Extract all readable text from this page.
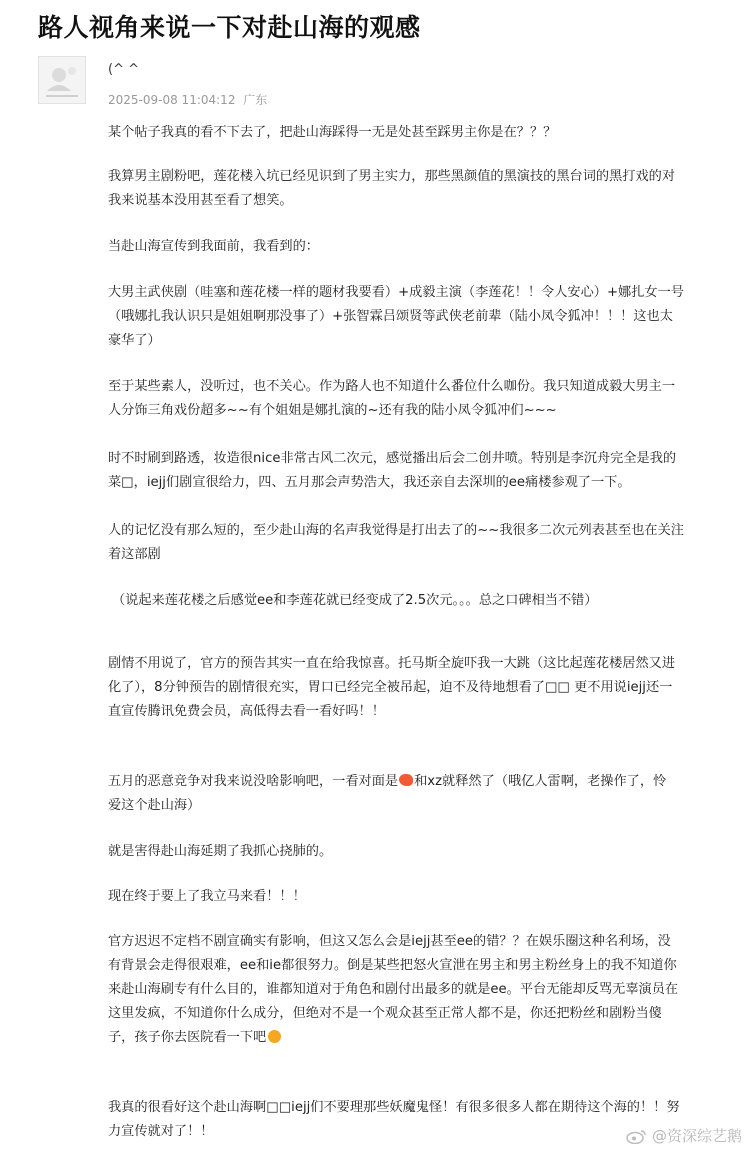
路人视角来说一下对赴山海的观感
(^ ^
2025-09-08 11:04:12 广东
某个帖子我真的看不下去了，把赴山海踩得一无是处甚至踩男主你是在？？？
我算男主剧粉吧，莲花楼入坑已经见识到了男主实力，那些黑颜值的黑演技的黑台词的黑打戏的对
我来说基本没用甚至看了想笑。
当赴山海宣传到我面前，我看到的：
大男主武侠剧（哇塞和莲花楼一样的题材我要看）+成毅主演（李莲花！！令人安心）+娜扎女一号
（哦娜扎我认识只是姐姐啊那没事了）+张智霖吕颂贤等武侠老前辈（陆小凤令狐冲！！！这也太
豪华了）
至于某些素人，没听过，也不关心。作为路人也不知道什么番位什么咖份。我只知道成毅大男主一
人分饰三角戏份超多~~有个姐姐是娜扎演的~还有我的陆小凤令狐冲们~~~
时不时刷到路透，妆造很nice非常古风二次元，感觉播出后会二创井喷。特别是李沉舟完全是我的
菜□，iejj们剧宣很给力，四、五月那会声势浩大，我还亲自去深圳的ee痛楼参观了一下。
人的记忆没有那么短的，至少赴山海的名声我觉得是打出去了的~~我很多二次元列表甚至也在关注
着这部剧
（说起来莲花楼之后感觉ee和李莲花就已经变成了2.5次元。。。总之口碑相当不错）
剧情不用说了，官方的预告其实一直在给我惊喜。托马斯全旋吓我一大跳（这比起莲花楼居然又进
化了），8分钟预告的剧情很充实，胃口已经完全被吊起，迫不及待地想看了□□ 更不用说iejj还一
直宣传腾讯免费会员，高低得去看一看好吗！！
五月的恶意竞争对我来说没啥影响吧，一看对面是 和xz就释然了（哦亿人雷啊，老操作了，怜
爱这个赴山海）
就是害得赴山海延期了我抓心挠肺的。
现在终于要上了我立马来看！！！
官方迟迟不定档不剧宣确实有影响，但这又怎么会是iejj甚至ee的错？？在娱乐圈这种名利场，没
有背景会走得很艰难，ee和ie都很努力。倒是某些把怒火宣泄在男主和男主粉丝身上的我不知道你
来赴山海刷专有什么目的，谁都知道对于角色和剧付出最多的就是ee。平台无能却反骂无辜演员在
这里发疯，不知道你什么成分，但绝对不是一个观众甚至正常人都不是，你还把粉丝和剧粉当傻
子，孩子你去医院看一下吧
我真的很看好这个赴山海啊□□iejj们不要理那些妖魔鬼怪！有很多很多人都在期待这个海的！！努
力宣传就对了！！	@资深综艺鹅
